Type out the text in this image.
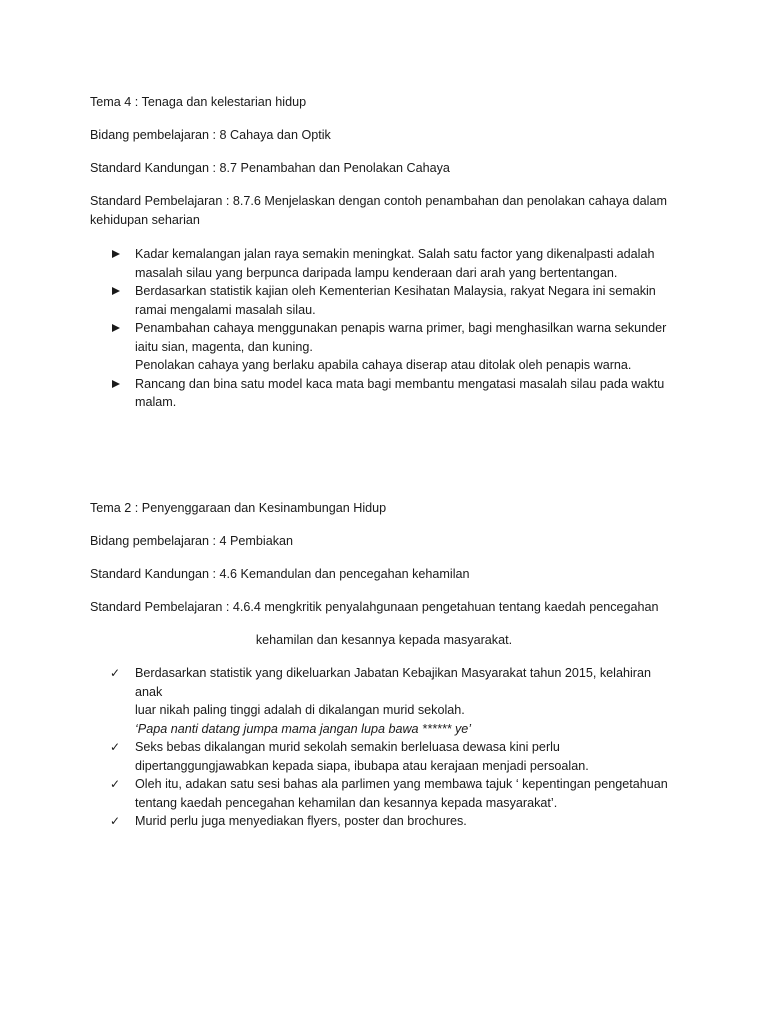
Tema 4 : Tenaga dan kelestarian hidup
Bidang pembelajaran : 8 Cahaya dan Optik
Standard Kandungan : 8.7 Penambahan dan Penolakan Cahaya
Standard Pembelajaran : 8.7.6 Menjelaskan dengan contoh penambahan dan penolakan cahaya dalam
kehidupan seharian
Kadar kemalangan jalan raya semakin meningkat. Salah satu factor yang dikenalpasti adalah
masalah silau yang berpunca daripada lampu kenderaan dari arah yang bertentangan.
Berdasarkan statistik kajian oleh Kementerian Kesihatan Malaysia, rakyat Negara ini semakin
ramai mengalami masalah silau.
Penambahan cahaya menggunakan penapis warna primer, bagi menghasilkan warna sekunder
iaitu sian, magenta, dan kuning.
Penolakan cahaya yang berlaku apabila cahaya diserap atau ditolak oleh penapis warna.
Rancang dan bina satu model kaca mata bagi membantu mengatasi masalah silau pada waktu
malam.
Tema 2 : Penyenggaraan dan Kesinambungan Hidup
Bidang pembelajaran : 4 Pembiakan
Standard Kandungan : 4.6 Kemandulan dan pencegahan kehamilan
Standard Pembelajaran : 4.6.4 mengkritik penyalahgunaan pengetahuan tentang kaedah pencegahan
kehamilan dan kesannya kepada masyarakat.
✓	Berdasarkan statistik yang dikeluarkan Jabatan Kebajikan Masyarakat tahun 2015, kelahiran anak
luar nikah paling tinggi adalah di dikalangan murid sekolah.
‘Papa nanti datang jumpa mama jangan lupa bawa ****** ye’
✓	Seks bebas dikalangan murid sekolah semakin berleluasa dewasa kini perlu
dipertanggungjawabkan kepada siapa, ibubapa atau kerajaan menjadi persoalan.
✓	Oleh itu, adakan satu sesi bahas ala parlimen yang membawa tajuk ‘ kepentingan pengetahuan
tentang kaedah pencegahan kehamilan dan kesannya kepada masyarakat’.
✓	Murid perlu juga menyediakan flyers, poster dan brochures.
